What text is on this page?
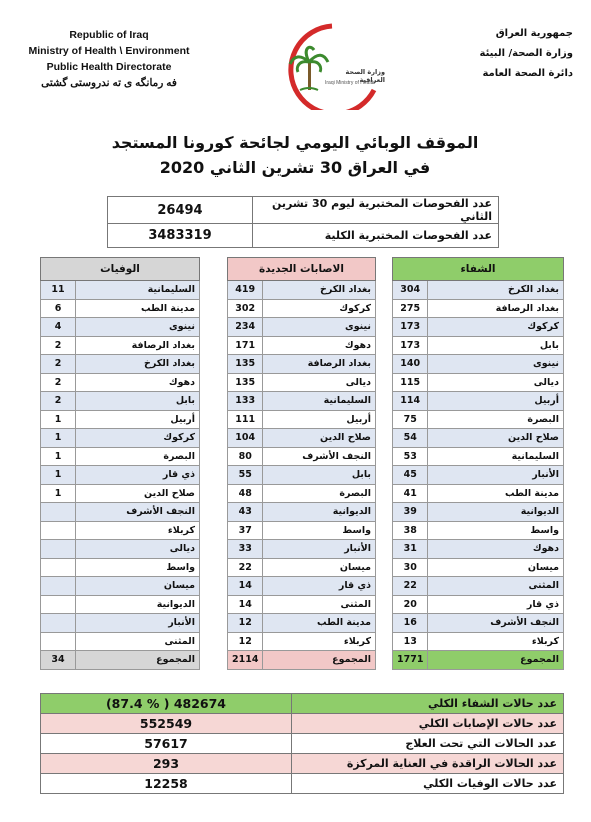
Republic of Iraq
Ministry of Health \ Environment
Public Health Directorate
فه رمانگه ی ته ندروستی گشتی
وزارة الصحة العراقية
Iraqi Ministry of Health
جمهورية العراق
وزارة الصحة/ البيئة
دائرة الصحة العامة
الموقف الوبائي اليومي لجائحة كورونا المستجد
في العراق 30 تشرين الثاني 2020
26494	عدد الفحوصات المختبرية ليوم 30 تشرين الثاني
3483319	عدد الفحوصات المختبرية الكلية
الشفاء	
304	بغداد الكرخ
275	بغداد الرصافة
173	كركوك
173	بابل
140	نينوى
115	ديالى
114	أربيل
75	البصرة
54	صلاح الدين
53	السليمانية
45	الأنبار
41	مدينة الطب
39	الديوانية
38	واسط
31	دهوك
30	ميسان
22	المثنى
20	ذي قار
16	النجف الأشرف
13	كربلاء
1771	المجموع
الاصابات الجديدة	
419	بغداد الكرخ
302	كركوك
234	نينوى
171	دهوك
135	بغداد الرصافة
135	ديالى
133	السليمانية
111	أربيل
104	صلاح الدين
80	النجف الأشرف
55	بابل
48	البصرة
43	الديوانية
37	واسط
33	الأنبار
22	ميسان
14	ذي قار
14	المثنى
12	مدينة الطب
12	كربلاء
2114	المجموع
الوفيات	
11	السليمانية
6	مدينة الطب
4	نينوى
2	بغداد الرصافة
2	بغداد الكرخ
2	دهوك
2	بابل
1	أربيل
1	كركوك
1	البصرة
1	ذي قار
1	صلاح الدين
	النجف الأشرف
	كربلاء
	ديالى
	واسط
	ميسان
	الديوانية
	الأنبار
	المثنى
34	المجموع
(87.4 % ) 482674	عدد حالات الشفاء الكلي
552549	عدد حالات الإصابات الكلي
57617	عدد الحالات التي تحت العلاج
293	عدد الحالات الراقدة في العناية المركزة
12258	عدد حالات الوفيات الكلي
